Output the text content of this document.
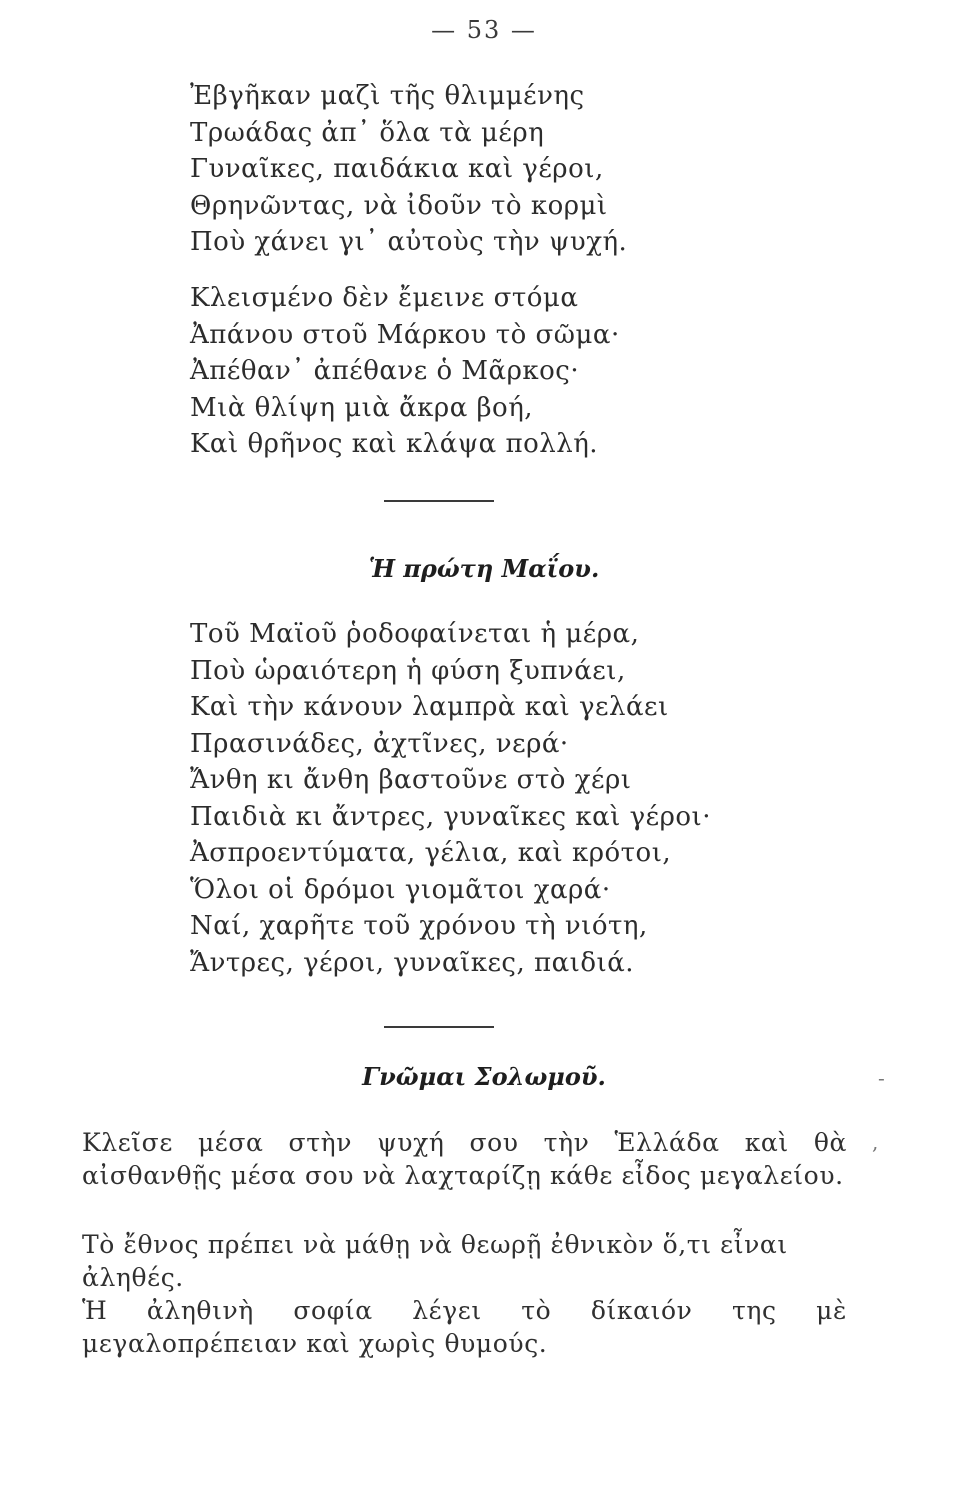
— 53 —
Ἐβγῆκαν μαζὶ τῆς θλιμμένης
Τρωάδας ἀπ᾽ ὅλα τὰ μέρη
Γυναῖκες, παιδάκια καὶ γέροι,
Θρηνῶντας, νὰ ἰδοῦν τὸ κορμὶ
Ποὺ χάνει γι᾽ αὐτοὺς τὴν ψυχή.
Κλεισμένο δὲν ἔμεινε στόμα
Ἀπάνου στοῦ Μάρκου τὸ σῶμα·
Ἀπέθαν᾽ ἀπέθανε ὁ Μᾶρκος·
Μιὰ θλίψη μιὰ ἄκρα βοή,
Καὶ θρῆνος καὶ κλάψα πολλή.
Ἡ πρώτη Μαΐου.
Τοῦ Μαϊοῦ ῥοδοφαίνεται ἡ μέρα,
Ποὺ ὡραιότερη ἡ φύση ξυπνάει,
Καὶ τὴν κάνουν λαμπρὰ καὶ γελάει
Πρασινάδες, ἀχτῖνες, νερά·
Ἄνθη κι ἄνθη βαστοῦνε στὸ χέρι
Παιδιὰ κι ἄντρες, γυναῖκες καὶ γέροι·
Ἀσπροεντύματα, γέλια, καὶ κρότοι,
Ὅλοι οἱ δρόμοι γιομᾶτοι χαρά·
Ναί, χαρῆτε τοῦ χρόνου τὴ νιότη,
Ἄντρες, γέροι, γυναῖκες, παιδιά.
Γνῶμαι Σολωμοῦ.
Κλεῖσε μέσα στὴν ψυχή σου τὴν Ἑλλάδα καὶ θὰ αἰσθανθῇς μέσα σου νὰ λαχταρίζῃ κάθε εἶδος μεγαλείου.
Τὸ ἔθνος πρέπει νὰ μάθῃ νὰ θεωρῇ ἐθνικὸν ὅ,τι εἶναι ἀληθές.
Ἡ ἀληθινὴ σοφία λέγει τὸ δίκαιόν της μὲ μεγαλοπρέπειαν καὶ χωρὶς θυμούς.
-
,
